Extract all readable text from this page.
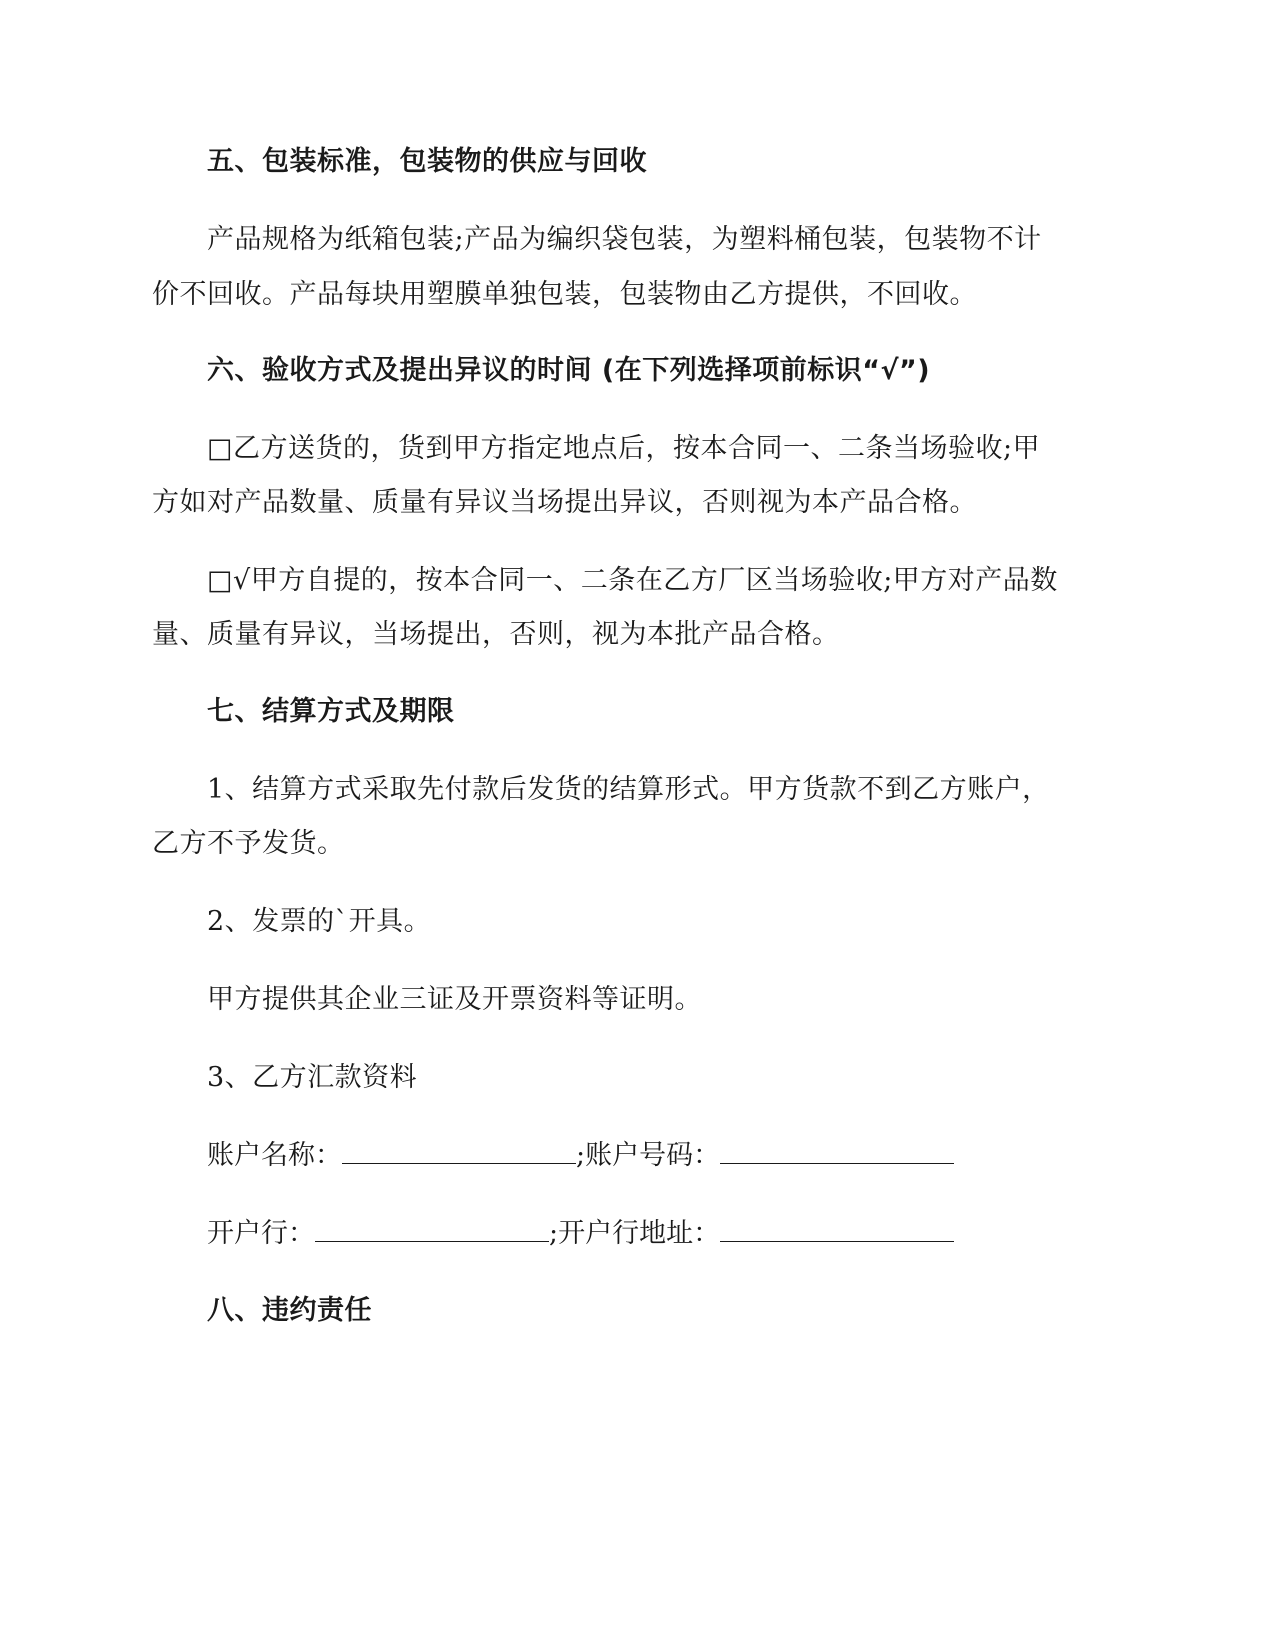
五、包装标准，包装物的供应与回收
产品规格为纸箱包装;产品为编织袋包装，为塑料桶包装，包装物不计
价不回收。产品每块用塑膜单独包装，包装物由乙方提供，不回收。
六、验收方式及提出异议的时间 (在下列选择项前标识“√”)
□乙方送货的，货到甲方指定地点后，按本合同一、二条当场验收;甲
方如对产品数量、质量有异议当场提出异议，否则视为本产品合格。
□√甲方自提的，按本合同一、二条在乙方厂区当场验收;甲方对产品数
量、质量有异议，当场提出，否则，视为本批产品合格。
七、结算方式及期限
1、结算方式采取先付款后发货的结算形式。甲方货款不到乙方账户，
乙方不予发货。
2、发票的`开具。
甲方提供其企业三证及开票资料等证明。
3、乙方汇款资料
账户名称：	;账户号码：
开户行：	;开户行地址：
八、违约责任
